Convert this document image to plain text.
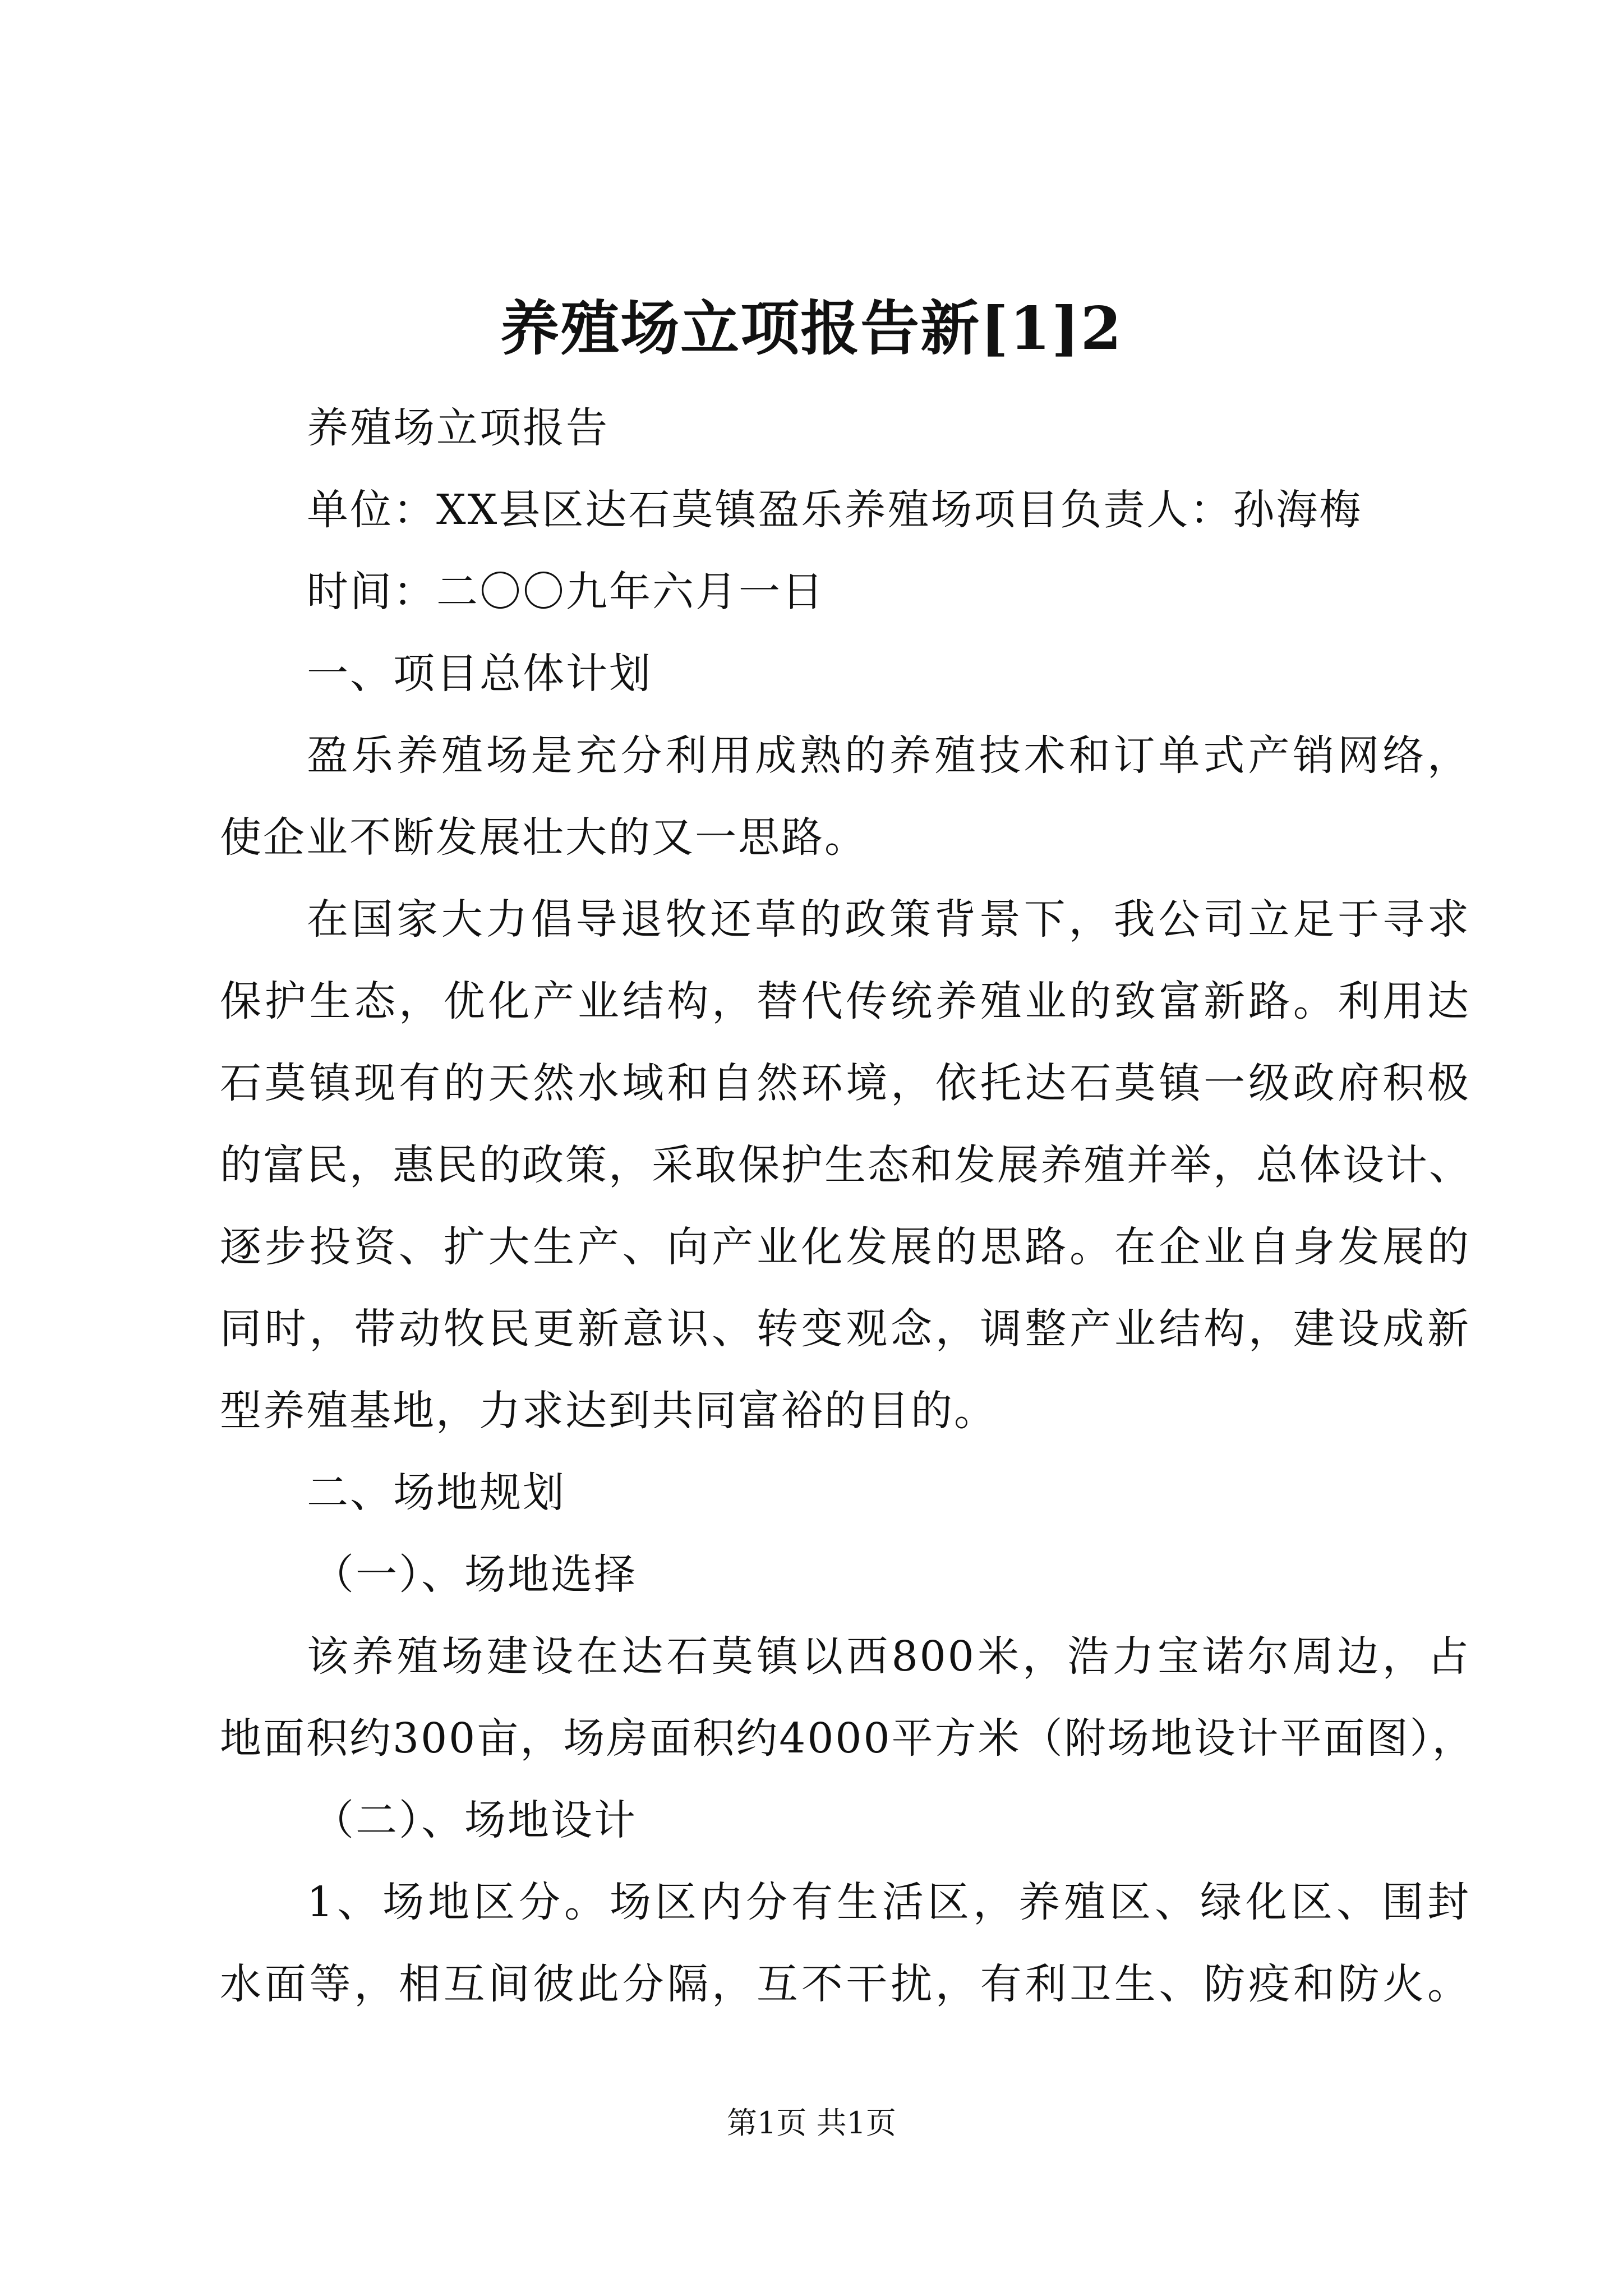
养殖场立项报告新[1]2
养殖场立项报告
单位：XX县区达石莫镇盈乐养殖场项目负责人：孙海梅
时间：二〇〇九年六月一日
一、项目总体计划
盈乐养殖场是充分利用成熟的养殖技术和订单式产销网络，
使企业不断发展壮大的又一思路。
在国家大力倡导退牧还草的政策背景下，我公司立足于寻求
保护生态，优化产业结构，替代传统养殖业的致富新路。利用达
石莫镇现有的天然水域和自然环境，依托达石莫镇一级政府积极
的富民，惠民的政策，采取保护生态和发展养殖并举，总体设计、
逐步投资、扩大生产、向产业化发展的思路。在企业自身发展的
同时，带动牧民更新意识、转变观念，调整产业结构，建设成新
型养殖基地，力求达到共同富裕的目的。
二、场地规划
（一）、场地选择
该养殖场建设在达石莫镇以西800米，浩力宝诺尔周边，占
地面积约300亩，场房面积约4000平方米（附场地设计平面图），
（二）、场地设计
1、场地区分。场区内分有生活区，养殖区、绿化区、围封
水面等，相互间彼此分隔，互不干扰，有利卫生、防疫和防火。
第1页 共1页
